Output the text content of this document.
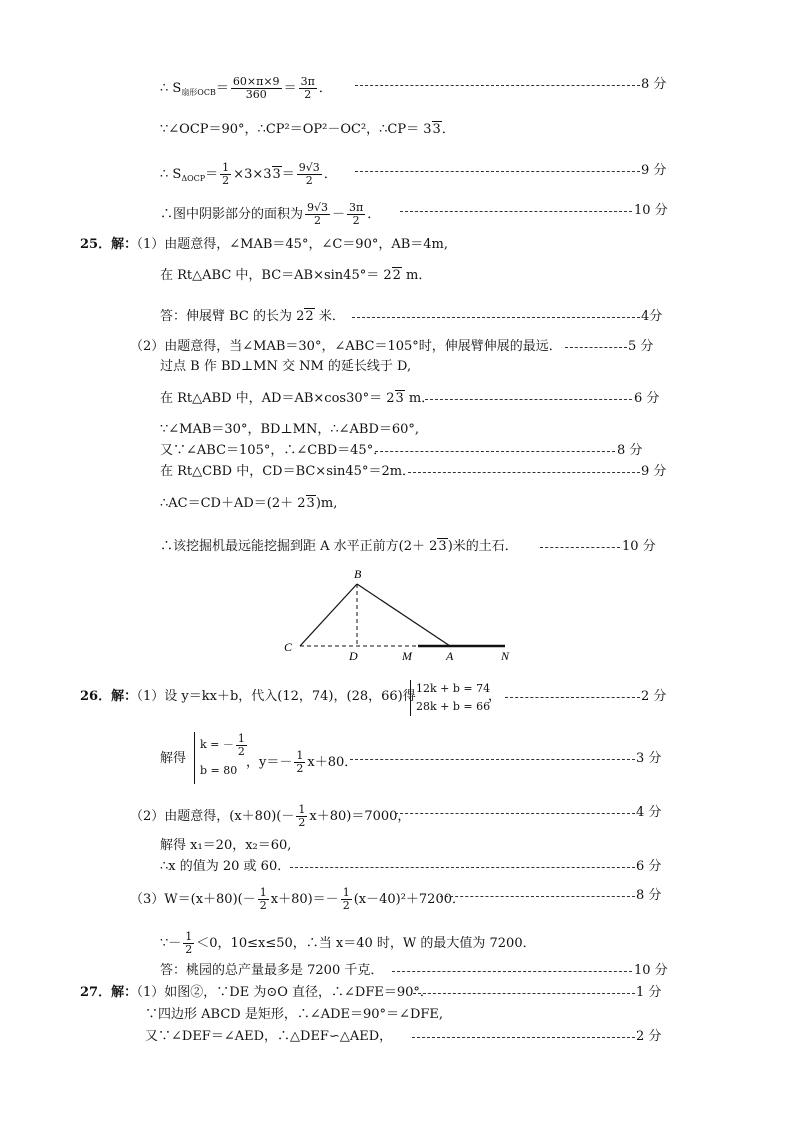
∴ $S_{扇形OCB}= \frac{60\times\pi\times 9}{360} = \frac{3\pi}{2}$ ．	8 分
∵∠OCP＝90°，∴CP²＝OP²－OC²，∴CP＝ 33．
∴ $S_{\Delta OCP}= \frac{1}{2} \times 3\times 33= \frac{9√3}{2}$ ．	9 分
∴图中阴影部分的面积为 $\frac{9√3}{2} - \frac{3\pi}{2}$ ．	10 分
25．解：
（1）由题意得，∠MAB＝45°，∠C＝90°，AB＝4m,
在 Rt△ABC 中，BC＝AB×sin45°＝ 22 m．
答：伸展臂 BC 的长为 22 米．	4分
（2）由题意得，当∠MAB＝30°，∠ABC＝105°时，伸展臂伸展的最远．	5 分
过点 B 作 BD⊥MN 交 NM 的延长线于 D,
在 Rt△ABD 中，AD＝AB×cos30°＝ 23 m．	6 分
∵∠MAB＝30°，BD⊥MN，∴∠ABD＝60°,
又∵∠ABC＝105°，∴∠CBD＝45°．	8 分
在 Rt△CBD 中，CD＝BC×sin45°＝2m．	9 分
∴AC＝CD＋AD＝(2＋ 23)m,
∴该挖掘机最远能挖掘到距 A 水平正前方(2＋ 23)米的土石．	10 分
B
C
D	M	A	N
26．解：
（1）设 y＝kx＋b，代入(12，74)，(28，66)得
12k + b = 74
28k + b = 66
，	2 分
解得
k = － $\frac{1}{2}$

b = 80
，$y=- \frac{1}{2} x+80$．	3 分
（2）由题意得，$(x+80)(- \frac{1}{2} x+80)=7000$，	4 分
解得 x₁＝20，x₂＝60,
∴x 的值为 20 或 60．	6 分
$(3)W=(x+80)(- \frac{1}{2} x+80)=- \frac{1}{2} (x-40)^2+7200$．	8 分
∵－ $\frac{1}{2} <0$，10≤x≤50，∴当 x＝40 时，W 的最大值为 7200．
答：桃园的总产量最多是 7200 千克．	10 分
27．解：
（1）如图②，∵DE 为⊙O 直径，∴∠DFE＝90°．	1 分
∵四边形 ABCD 是矩形，∴∠ADE＝90°＝∠DFE,
又∵∠DEF＝∠AED，∴△DEF∽△AED，	2 分
